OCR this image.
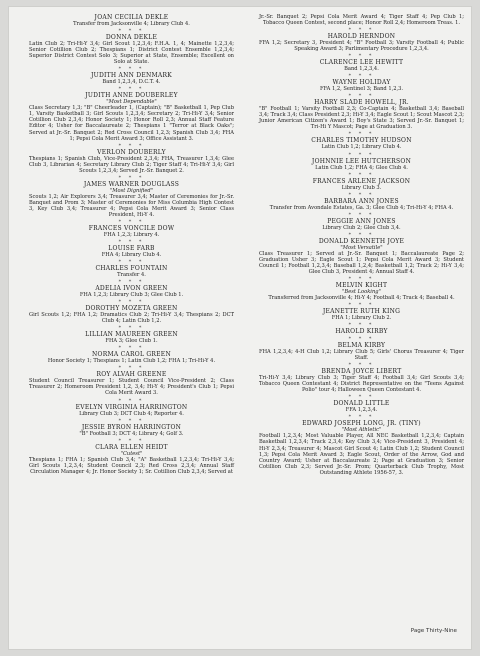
JOAN CECILIA DEKLE
Transfer from Jacksonville 4; Library Club 4.
* * *
DONNA DEKLE
Latin Club 2; Tri-Hi-Y 3,4; Girl Scout 1,2,3,4; F.H.A. 1, 4; Mainette 1,2,3,4; Senior Cotillion Club 2; Thespians 1; District Contest Ensemble 1,2,3,4; Superior District Contest Solo 3; Superior at State, Ensemble; Excellent on Solo at State.
* * *
JUDITH ANN DENMARK
Band 1,2,3,4, D.C.T. 4.
* * *
JUDITH ANNE DOUBERLEY
"Most Dependable"
Class Secretary 1,3; "B" Cheerleader 1, (Captain); "B" Basketball 1, Pep Club 1, Varsity Basketball 3; Girl Scouts 1,2,3,4; Secretary 2; Tri-Hi-Y 3,4; Senior Cotillion Club 2,3,4; Honor Society 1; Honor Roll 2,3; Annual Staff Feature Editor 4; Usher for Baccalaureate 2; Thespians 1 "Terror at Black Oaks"; Served at Jr.-Sr. Banquet 2; Red Cross Council 1,2,3; Spanish Club 3,4; FHA 1; Pepsi Cola Merit Award 3; Office Assistant 3.
* * *
VERLON DOUBERLY
Thespians 1; Spanish Club, Vice-President 2,3,4; FHA, Treasurer 1,3,4; Glee Club 3, Librarian 4; Secretary Library Club 2; Tiger Staff 4; Tri-Hi-Y 3,4; Girl Scouts 1,2,3,4; Served Jr.-Sr. Banquet 2.
* * *
JAMES WARNER DOUGLASS
"Most Dignified"
Scouts 1,2; Air Explorers 3,4; Treasurer 3,4; Master of Ceremonies for Jr.-Sr. Banquet and Prom 3; Master of Ceremonies for Miss Columbia High Contest 3, Key Club 3,4; Treasurer 4; Pepsi Cola Merit Award 3; Senior Class President, Hi-Y 4.
* * *
FRANCES VONCILE DOW
FHA 1,2,3; Library 4.
* * *
LOUISE FARB
FHA 4; Library Club 4.
* * *
CHARLES FOUNTAIN
Transfer 4.
* * *
ADELIA IVON GREEN
FHA 1,2,3; Library Club 3; Glee Club 1.
* * *
DOROTHY MOZETA GREEN
Girl Scouts 1,2; FHA 1,2; Dramatics Club 2; Tri-Hi-Y 3,4; Thespians 2; DCT Club 4; Latin Club 1,2.
* * *
LILLIAN MAUREEN GREEN
FHA 3; Glee Club 1.
* * *
NORMA CAROL GREEN
Honor Society 1; Thespians 1; Latin Club 1,2; FHA 1; Tri-Hi-Y 4.
* * *
ROY ALVAH GREENE
Student Council Treasurer 1; Student Council Vice-President 2; Class Treasurer 2; Homeroom President 1,2, 3,4; Hi-Y 4; President's Club 1; Pepsi Cola Merit Award 3.
* * *
EVELYN VIRGINIA HARRINGTON
Library Club 3; DCT Club 4; Reporter 4.
* * *
JESSIE BYRON HARRINGTON
"B" Football 3; DCT 4; Library 4; Golf 3.
* * *
CLARA ELLEN HEIDT
"Cutest"
Thespians 1; FHA 1; Spanish Club 3,4; "A" Basketball 1,2,3,4; Tri-Hi-Y 3,4; Girl Scouts 1,2,3,4; Student Council 2,3; Red Cross 2,3,4; Annual Staff Circulation Manager 4; Jr. Honor Society 1; Sr. Cotillion Club 2,3,4; Served at
Jr.-Sr. Banquet 2; Pepsi Cola Merit Award 4; Tiger Staff 4; Pep Club 1; Tobacco Queen Contest, second place; Honor Roll 2,4; Homeroom Treas. 1.
* * *
HAROLD HERNDON
FFA 1,2; Secretary 3, President 4; "B" Football 3; Varsity Football 4; Public Speaking Award 3; Parlimentary Procedure 1,2,3,4.
* * *
CLARENCE LEE HEWITT
Band 1,2,3,4.
* * *
WAYNE HOLIDAY
FFA 1,2, Sentinel 3; Band 1,2,3.
* * *
HARRY SLADE HOWELL, JR.
"B" Football 1; Varsity Football 2,3; Co-Captain 4; Basketball 3,4; Baseball 3,4; Track 3,4; Class President 2,3; Hi-Y 3,4; Eagle Scout 1; Scout Mascot 2,3; Junior American Citizen's Award 1; Boy's State 3; Served Jr.-Sr. Banquet 1; Tri-Hi Y Mascot; Page at Graduation 3.
* * *
CHARLES TIMOTHY HUDSON
Latin Club 1,2; Library Club 4.
* * *
JOHNNIE LEE HUTCHERSON
Latin Club 1,2; FHA 4; Glee Club 4.
* * *
FRANCES ARLENE JACKSON
Library Club 3.
* * *
BARBARA ANN JONES
Transfer from Avondale Estates, Ga. 3; Glee Club 4; Tri-Hi-Y 4; FHA 4.
* * *
PEGGIE ANN JONES
Library Club 2; Glee Club 3,4.
* * *
DONALD KENNETH JOYE
"Most Versatile"
Class Treasurer 1; Served at Jr.-Sr. Banquet 1; Baccalaureate Page 2; Graduation Usher 3; Eagle Scout 1; Pepsi Cola Merit Award 3; Student Council 1; Football 1,2,3,4; Baseball 1,2,4; Basketball 1,2; Track 2; Hi-Y 3,4; Glee Club 3, President 4; Annual Staff 4.
* * *
MELVIN KIGHT
"Best Looking"
Transferred from Jacksonville 4; Hi-Y 4; Football 4; Track 4; Baseball 4.
* * *
JEANETTE RUTH KING
FHA 1; Library Club 2.
* * *
HAROLD KIRBY
* * *
BELMA KIRBY
FHA 1,2,3,4; 4-H Club 1,2; Library Club 5; Girls' Chorus Treasurer 4; Tiger Staff.
* * *
BRENDA JOYCE LIBERT
Tri-Hi-Y 3,4; Library Club 3; Tiger Staff 4; Football 3,4; Girl Scouts 3,4; Tobacco Queen Contestant 4; District Representative on the "Teens Against Polio" tour 4; Halloween Queen Contestant 4.
* * *
DONALD LITTLE
FFA 1,2,3,4.
* * *
EDWARD JOSEPH LONG, JR. (TINY)
"Most Athletic"
Football 1,2,3,4; Most Valuable Player, All NEC Basketball 1,2,3,4; Captain Basketball 1,2,3,4; Track 2,3,4; Key Club 3,4; Vice-President 3, President 4; Hi-Y 2,3,4; Treasurer 4; Mascot Girl Scout 4; Latin Club 1,2; Student Council 1,3; Pepsi Cola Merit Award 3; Eagle Scout, Order of the Arrow, God and Country Award; Usher at Baccalaureate 2; Page at Graduation 3; Senior Cotillion Club 2,3; Served Jr.-Sr. Prom; Quarterback Club Trophy, Most Outstanding Athlete 1956-57, 3.
Page Thirty-Nine
